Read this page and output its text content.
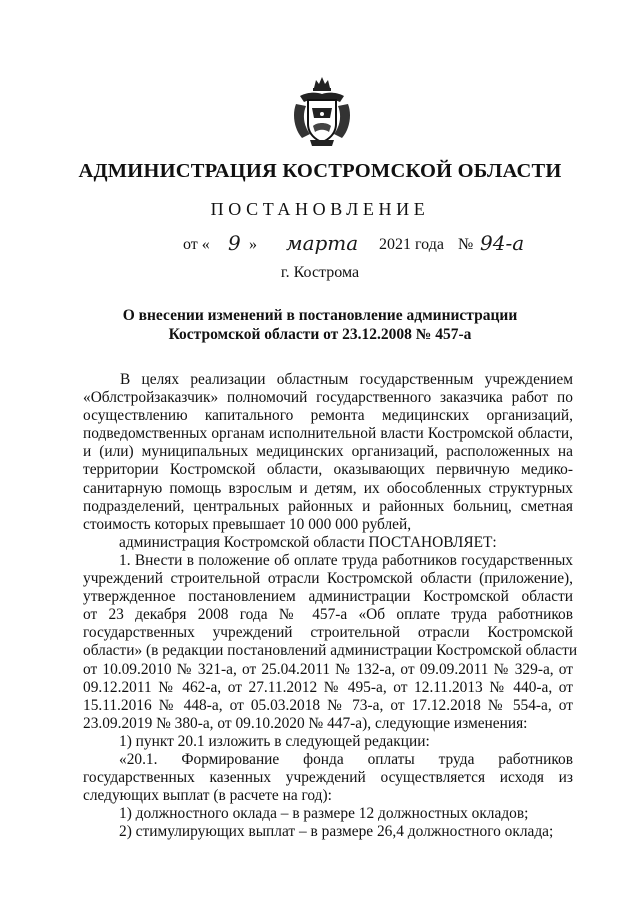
АДМИНИСТРАЦИЯ КОСТРОМСКОЙ ОБЛАСТИ
ПОСТАНОВЛЕНИЕ
от « 9 » марта 2021 года № 94-а
г. Кострома
О внесении изменений в постановление администрации
Костромской области от 23.12.2008 № 457-а
В целях реализации областным государственным учреждением
«Облстройзаказчик» полномочий государственного заказчика работ по
осуществлению капитального ремонта медицинских организаций,
подведомственных органам исполнительной власти Костромской области,
и (или) муниципальных медицинских организаций, расположенных на
территории Костромской области, оказывающих первичную медико-
санитарную помощь взрослым и детям, их обособленных структурных
подразделений, центральных районных и районных больниц, сметная
стоимость которых превышает 10 000 000 рублей,
администрация Костромской области ПОСТАНОВЛЯЕТ:
1. Внести в положение об оплате труда работников государственных
учреждений строительной отрасли Костромской области (приложение),
утвержденное постановлением администрации Костромской области
от 23 декабря 2008 года № 457-а «Об оплате труда работников
государственных учреждений строительной отрасли Костромской
области» (в редакции постановлений администрации Костромской области
от 10.09.2010 № 321-а, от 25.04.2011 № 132-а, от 09.09.2011 № 329-а, от
09.12.2011 № 462-а, от 27.11.2012 № 495-а, от 12.11.2013 № 440-а, от
15.11.2016 № 448-а, от 05.03.2018 № 73-а, от 17.12.2018 № 554-а, от
23.09.2019 № 380-а, от 09.10.2020 № 447-а), следующие изменения:
1) пункт 20.1 изложить в следующей редакции:
«20.1. Формирование фонда оплаты труда работников
государственных казенных учреждений осуществляется исходя из
следующих выплат (в расчете на год):
1) должностного оклада – в размере 12 должностных окладов;
2) стимулирующих выплат – в размере 26,4 должностного оклада;
